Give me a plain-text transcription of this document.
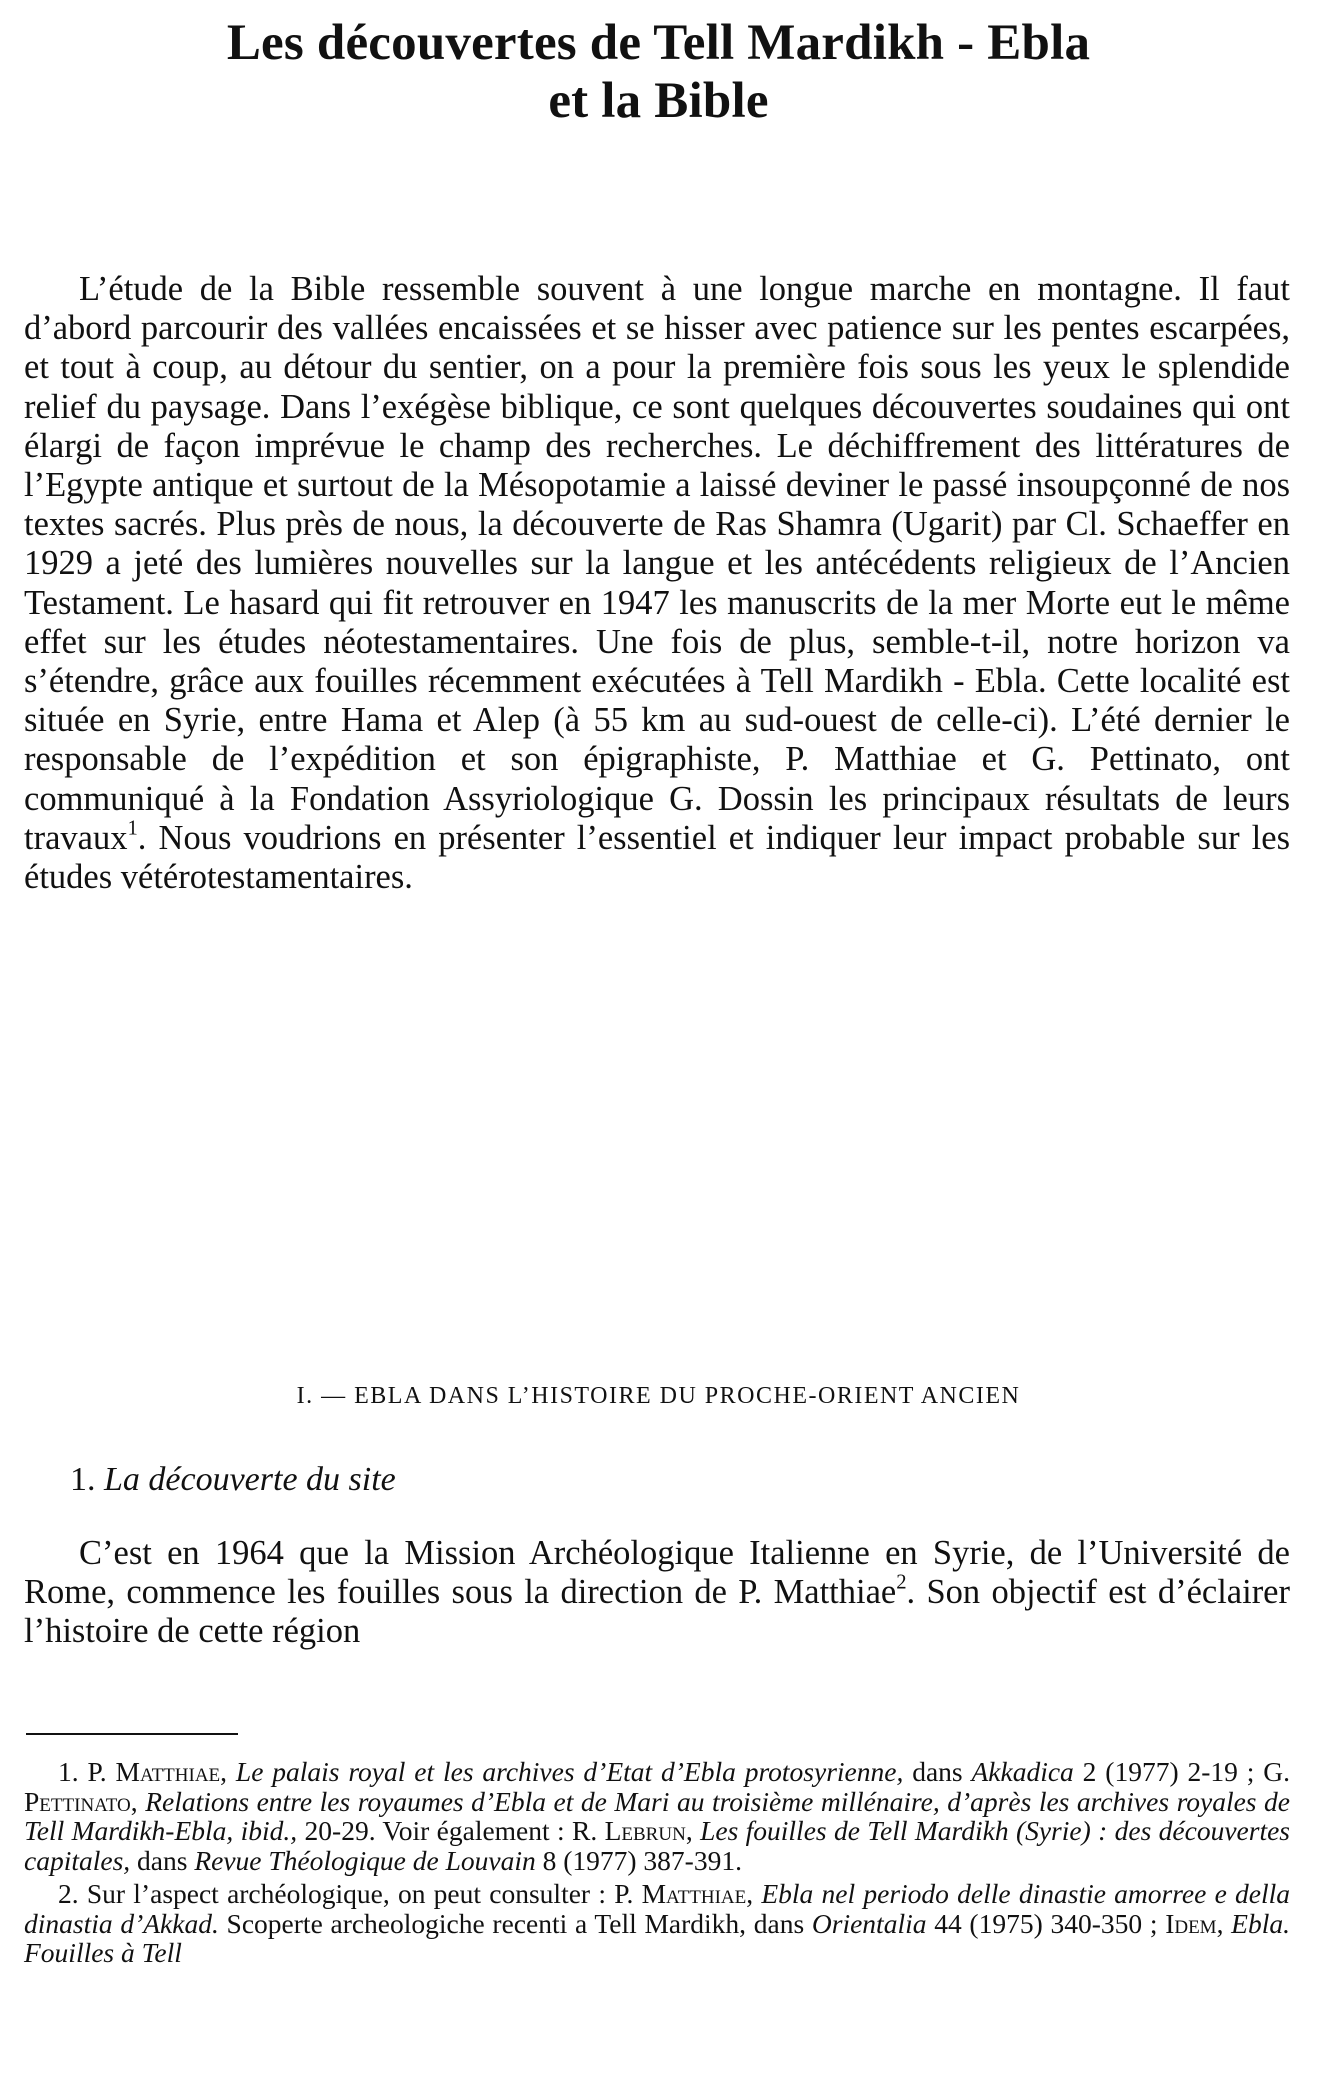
Les découvertes de Tell Mardikh - Ebla
et la Bible

L’étude de la Bible ressemble souvent à une longue marche en montagne. Il faut d’abord parcourir des vallées encaissées et se hisser avec patience sur les pentes escarpées, et tout à coup, au détour du sentier, on a pour la première fois sous les yeux le splendide relief du paysage. Dans l’exégèse biblique, ce sont quelques découvertes soudaines qui ont élargi de façon imprévue le champ des recherches. Le déchiffrement des littératures de l’Egypte antique et surtout de la Mésopotamie a laissé deviner le passé insoupçonné de nos textes sacrés. Plus près de nous, la découverte de Ras Shamra (Ugarit) par Cl. Schaeffer en 1929 a jeté des lumières nouvelles sur la langue et les antécédents religieux de l’Ancien Testament. Le hasard qui fit retrouver en 1947 les manuscrits de la mer Morte eut le même effet sur les études néotestamentaires. Une fois de plus, semble-t-il, notre horizon va s’étendre, grâce aux fouilles récemment exécutées à Tell Mardikh - Ebla. Cette localité est située en Syrie, entre Hama et Alep (à 55 km au sud-ouest de celle-ci). L’été dernier le responsable de l’expédition et son épigraphiste, P. Matthiae et G. Pettinato, ont communiqué à la Fondation Assyriologique G. Dossin les principaux résultats de leurs travaux$^1$. Nous voudrions en présenter l’essentiel et indiquer leur impact probable sur les études vétérotestamentaires.

I. — EBLA DANS L’HISTOIRE DU PROCHE-ORIENT ANCIEN
1. La découverte du site

C’est en 1964 que la Mission Archéologique Italienne en Syrie, de l’Université de Rome, commence les fouilles sous la direction de P. Matthiae$^2$. Son objectif est d’éclairer l’histoire de cette région

1. P. Matthiae, Le palais royal et les archives d’Etat d’Ebla protosyrienne, dans Akkadica 2 (1977) 2-19 ; G. Pettinato, Relations entre les royaumes d’Ebla et de Mari au troisième millénaire, d’après les archives royales de Tell Mardikh-Ebla, ibid., 20-29. Voir également : R. Lebrun, Les fouilles de Tell Mardikh (Syrie) : des découvertes capitales, dans Revue Théologique de Louvain 8 (1977) 387-391.

2. Sur l’aspect archéologique, on peut consulter : P. Matthiae, Ebla nel periodo delle dinastie amorree e della dinastia d’Akkad. Scoperte archeologiche recenti a Tell Mardikh, dans Orientalia 44 (1975) 340-350 ; Idem, Ebla. Fouilles à Tell
